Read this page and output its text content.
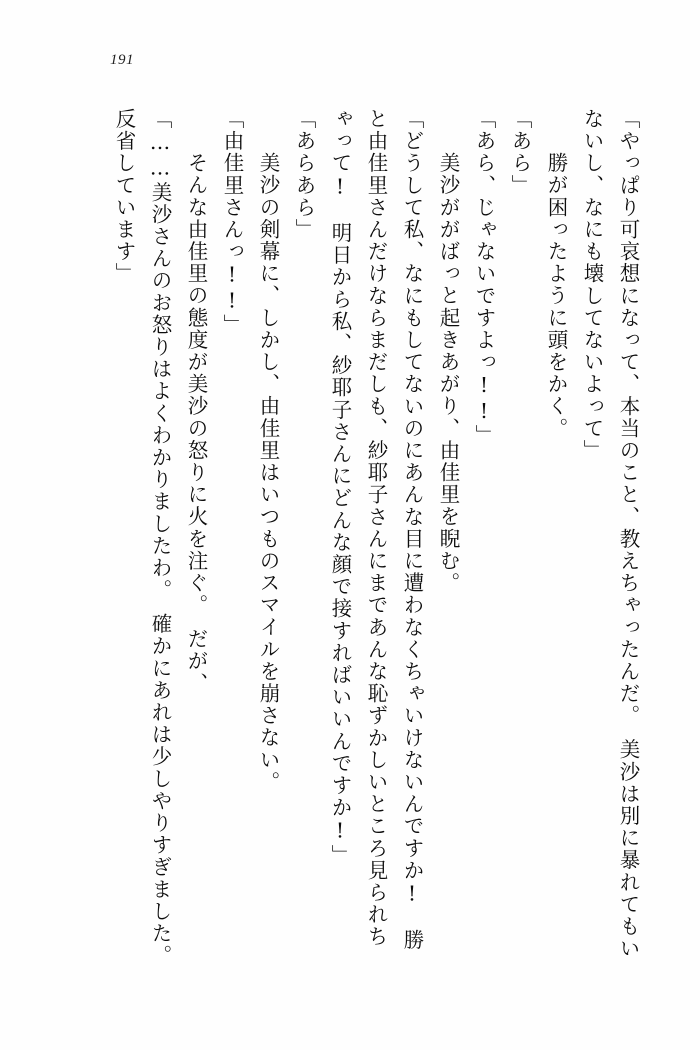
191
「やっぱり可哀想になって、本当のこと、教えちゃったんだ。　美沙は別に暴れてもい
ないし、なにも壊してないよって」
　勝が困ったように頭をかく。
「あら」
「あら、じゃないですよっ!!」
　美沙ががばっと起きあがり、由佳里を睨む。
「どうして私、なにもしてないのにあんな目に遭わなくちゃいけないんですか!　勝
と由佳里さんだけならまだしも、紗耶子さんにまであんな恥ずかしいところ見られち
ゃって!　明日から私、紗耶子さんにどんな顔で接すればいいんですか!」
「あらあら」
　美沙の剣幕に、しかし、由佳里はいつものスマイルを崩さない。
「由佳里さんっ!!」
　そんな由佳里の態度が美沙の怒りに火を注ぐ。　だが、
「……美沙さんのお怒りはよくわかりましたわ。　確かにあれは少しやりすぎました。
反省しています」
